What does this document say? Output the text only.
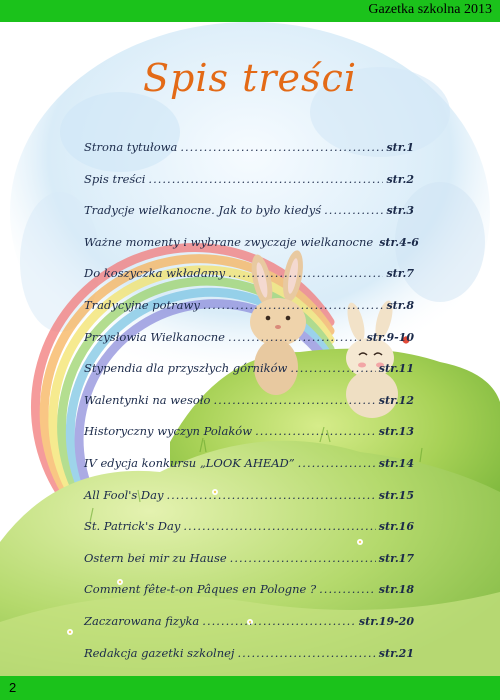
Gazetka szkolna 2013
Spis treści
Strona tytułowa .....	str.1
Spis treści .....	str.2
Tradycje wielkanocne. Jak to było kiedyś .....	str.3
Ważne momenty i wybrane zwyczaje wielkanocne str.4-6
Do koszyczka wkładamy .....	str.7
Tradycyjne potrawy .....	str.8
Przysłowia Wielkanocne .....	str.9-10
Stypendia dla przyszłych górników .....	str.11
Walentynki na wesoło .....	str.12
Historyczny wyczyn Polaków .....	str.13
IV edycja konkursu „LOOK AHEAD” .....	str.14
All Fool's Day .....	str.15
St. Patrick's Day .....	str.16
Ostern bei mir zu Hause .....	str.17
Comment fête-t-on Pâques en Pologne ? .....	str.18
Zaczarowana fizyka .....	str.19-20
Redakcja gazetki szkolnej .....	str.21
2
